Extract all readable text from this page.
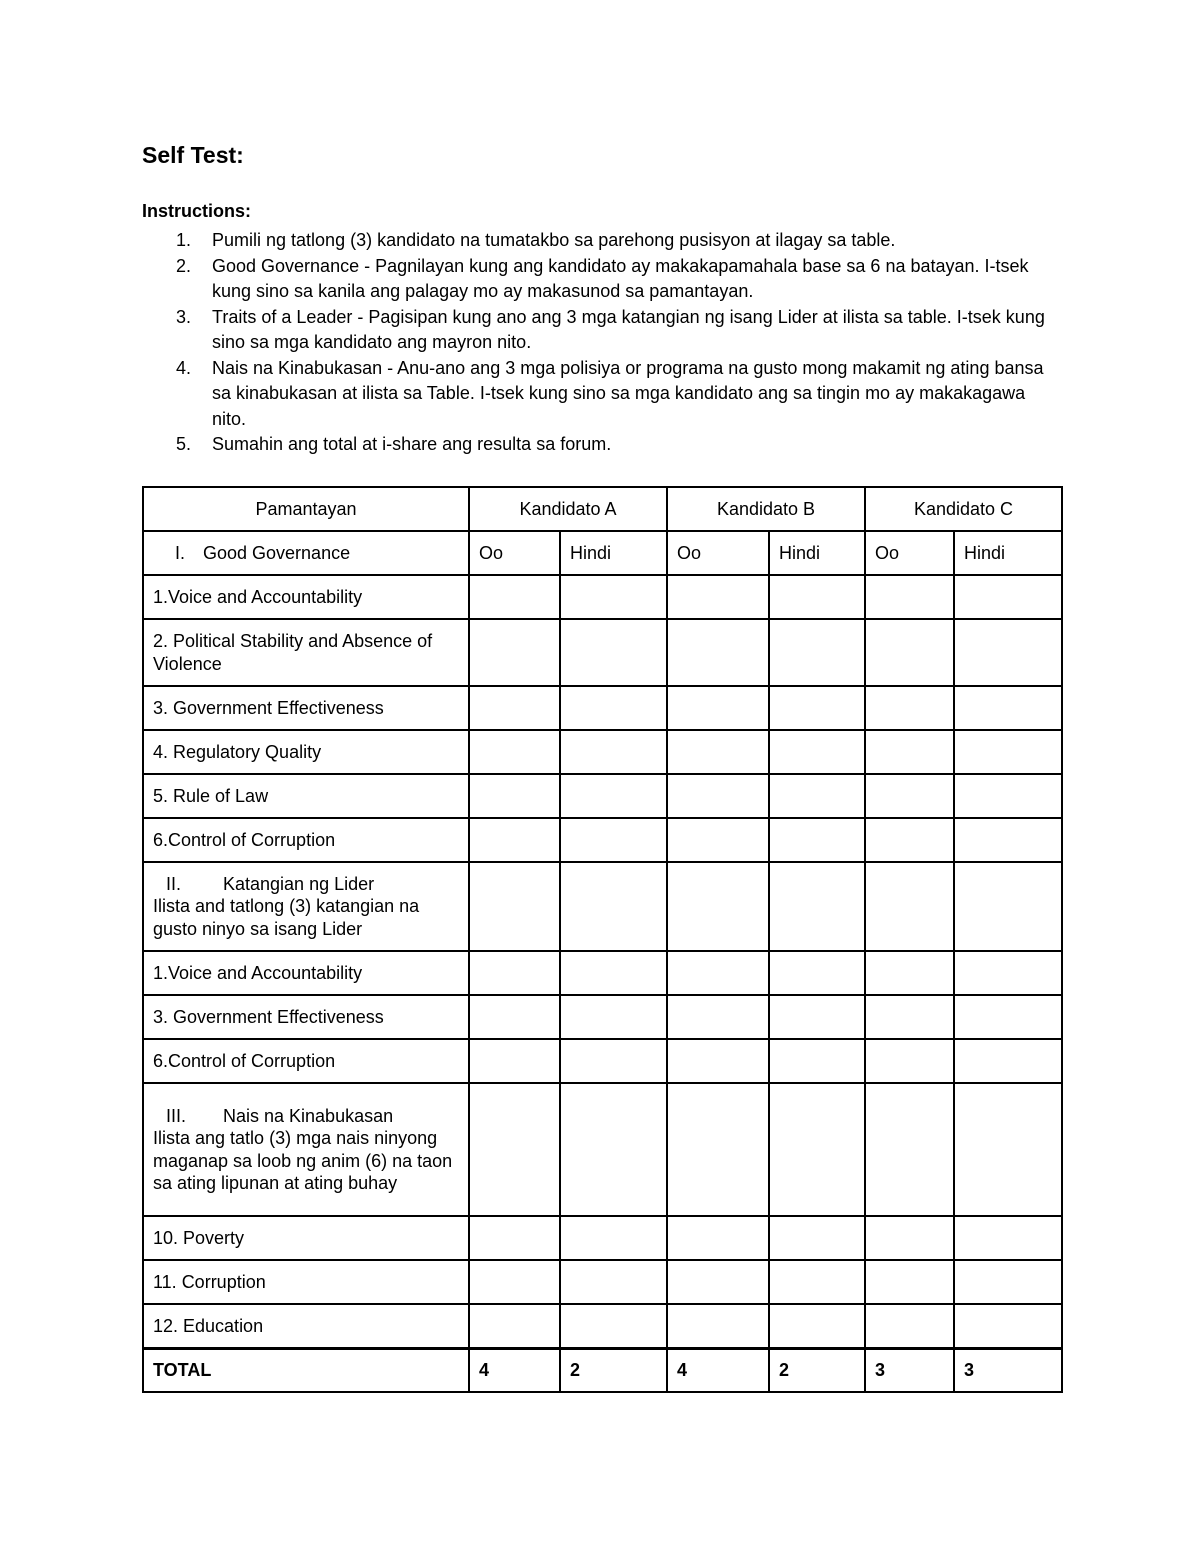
Self Test:
Instructions:
1. Pumili ng tatlong (3) kandidato na tumatakbo sa parehong pusisyon at ilagay sa table.
2. Good Governance - Pagnilayan kung ang kandidato ay makakapamahala base sa 6 na batayan. I-tsek kung sino sa kanila ang palagay mo ay makasunod sa pamantayan.
3. Traits of a Leader - Pagisipan kung ano ang 3 mga katangian ng isang Lider at ilista sa table. I-tsek kung sino sa mga kandidato ang mayron nito.
4. Nais na Kinabukasan - Anu-ano ang 3 mga polisiya or programa na gusto mong makamit ng ating bansa sa kinabukasan at ilista sa Table. I-tsek kung sino sa mga kandidato ang sa tingin mo ay makakagawa nito.
5. Sumahin ang total at i-share ang resulta sa forum.
Pamantayan	Kandidato A		Kandidato B		Kandidato C	
I. Good Governance	Oo	Hindi	Oo	Hindi	Oo	Hindi
1.Voice and Accountability						
2. Political Stability and Absence of Violence						
3. Government Effectiveness						
4. Regulatory Quality						
5. Rule of Law						
6.Control of Corruption						
II. Katangian ng Lider
Ilista and tatlong (3) katangian na gusto ninyo sa isang Lider						
1.Voice and Accountability						
3. Government Effectiveness						
6.Control of Corruption						
III. Nais na Kinabukasan
Ilista ang tatlo (3) mga nais ninyong maganap sa loob ng anim (6) na taon sa ating lipunan at ating buhay						
10. Poverty						
11. Corruption						
12. Education						
TOTAL	4	2	4	2	3	3
